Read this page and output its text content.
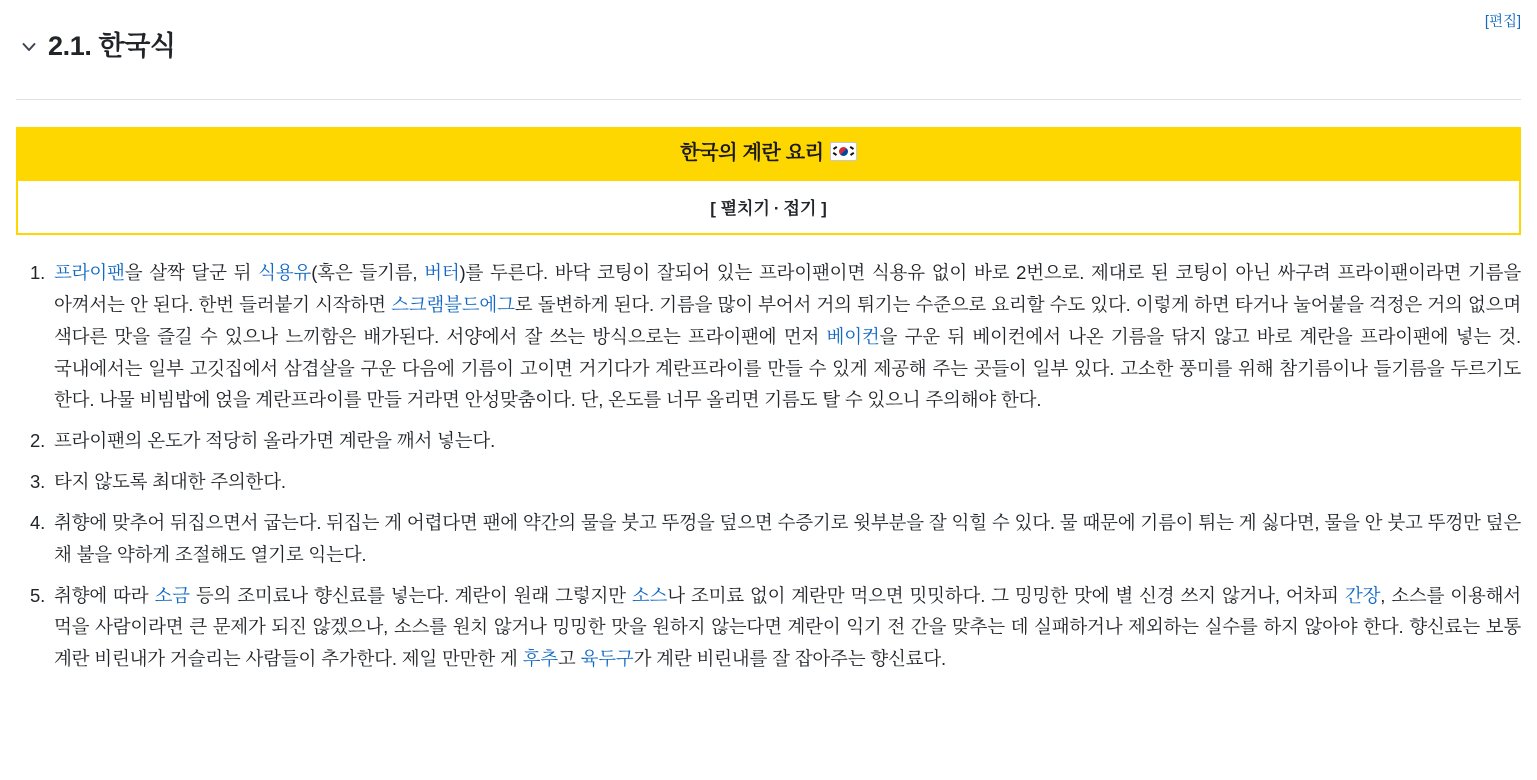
2.1. 한국식
[편집]
한국의 계란 요리
[ 펼치기 · 접기 ]
1. 프라이팬을 살짝 달군 뒤 식용유(혹은 들기름, 버터)를 두른다. 바닥 코팅이 잘되어 있는 프라이팬이면 식용유 없이 바로 2번으로. 제대로 된 코팅이 아닌 싸구려 프라이팬이라면 기름을 아껴서는 안 된다. 한번 들러붙기 시작하면 스크램블드에그로 돌변하게 된다. 기름을 많이 부어서 거의 튀기는 수준으로 요리할 수도 있다. 이렇게 하면 타거나 눌어붙을 걱정은 거의 없으며 색다른 맛을 즐길 수 있으나 느끼함은 배가된다. 서양에서 잘 쓰는 방식으로는 프라이팬에 먼저 베이컨을 구운 뒤 베이컨에서 나온 기름을 닦지 않고 바로 계란을 프라이팬에 넣는 것. 국내에서는 일부 고깃집에서 삼겹살을 구운 다음에 기름이 고이면 거기다가 계란프라이를 만들 수 있게 제공해 주는 곳들이 일부 있다. 고소한 풍미를 위해 참기름이나 들기름을 두르기도 한다. 나물 비빔밥에 얹을 계란프라이를 만들 거라면 안성맞춤이다. 단, 온도를 너무 올리면 기름도 탈 수 있으니 주의해야 한다.
2. 프라이팬의 온도가 적당히 올라가면 계란을 깨서 넣는다.
3. 타지 않도록 최대한 주의한다.
4. 취향에 맞추어 뒤집으면서 굽는다. 뒤집는 게 어렵다면 팬에 약간의 물을 붓고 뚜껑을 덮으면 수증기로 윗부분을 잘 익힐 수 있다. 물 때문에 기름이 튀는 게 싫다면, 물을 안 붓고 뚜껑만 덮은 채 불을 약하게 조절해도 열기로 익는다.
5. 취향에 따라 소금 등의 조미료나 향신료를 넣는다. 계란이 원래 그렇지만 소스나 조미료 없이 계란만 먹으면 밋밋하다. 그 밍밍한 맛에 별 신경 쓰지 않거나, 어차피 간장, 소스를 이용해서 먹을 사람이라면 큰 문제가 되진 않겠으나, 소스를 원치 않거나 밍밍한 맛을 원하지 않는다면 계란이 익기 전 간을 맞추는 데 실패하거나 제외하는 실수를 하지 않아야 한다. 향신료는 보통 계란 비린내가 거슬리는 사람들이 추가한다. 제일 만만한 게 후추고 육두구가 계란 비린내를 잘 잡아주는 향신료다.
